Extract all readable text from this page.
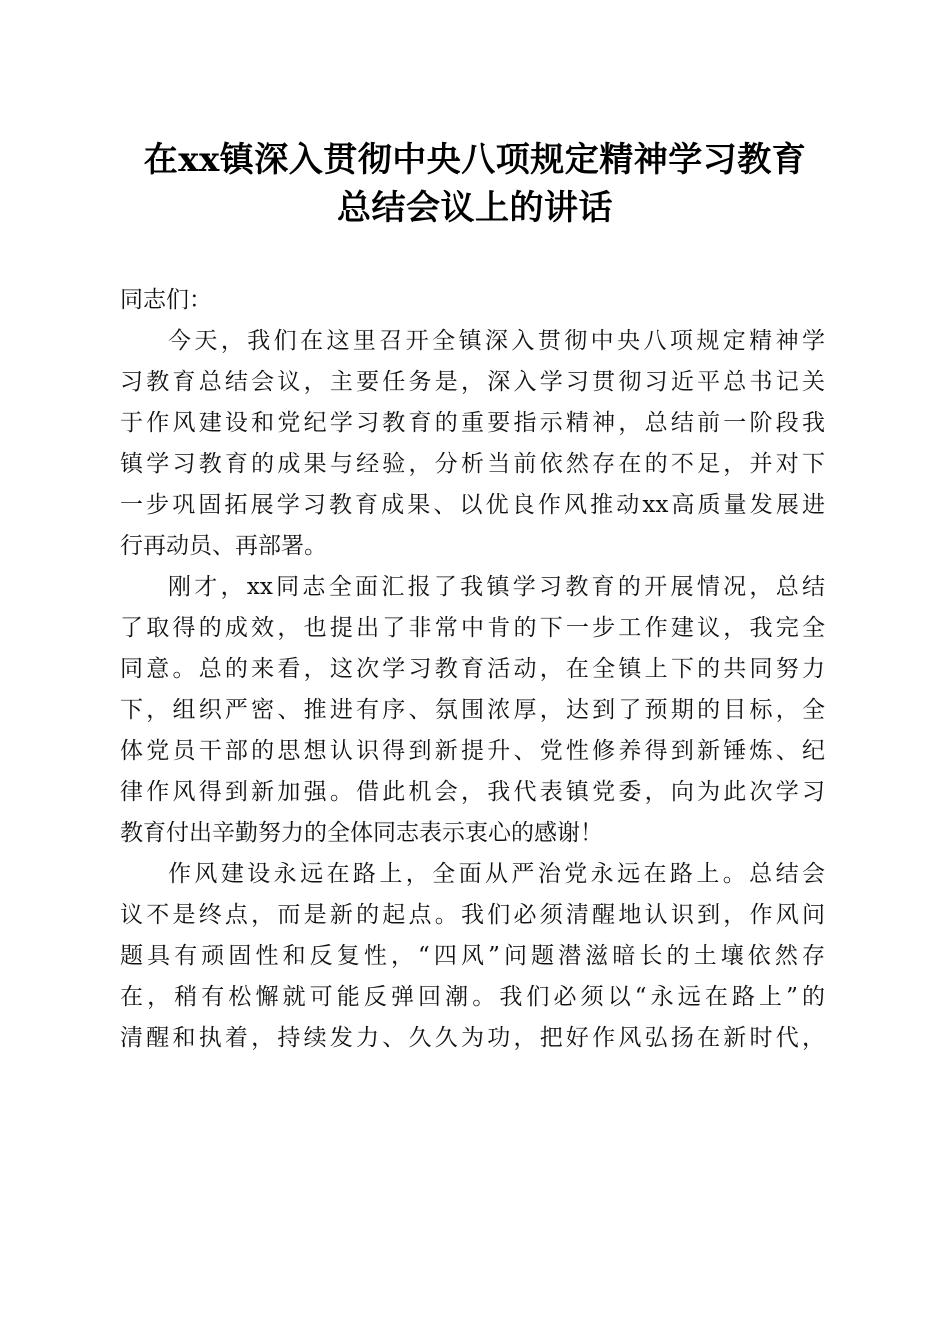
在xx镇深入贯彻中央八项规定精神学习教育
总结会议上的讲话
同志们：
今天，我们在这里召开全镇深入贯彻中央八项规定精神学
习教育总结会议，主要任务是，深入学习贯彻习近平总书记关
于作风建设和党纪学习教育的重要指示精神，总结前一阶段我
镇学习教育的成果与经验，分析当前依然存在的不足，并对下
一步巩固拓展学习教育成果、以优良作风推动xx高质量发展进
行再动员、再部署。
刚才，xx同志全面汇报了我镇学习教育的开展情况，总结
了取得的成效，也提出了非常中肯的下一步工作建议，我完全
同意。总的来看，这次学习教育活动，在全镇上下的共同努力
下，组织严密、推进有序、氛围浓厚，达到了预期的目标，全
体党员干部的思想认识得到新提升、党性修养得到新锤炼、纪
律作风得到新加强。借此机会，我代表镇党委，向为此次学习
教育付出辛勤努力的全体同志表示衷心的感谢！
作风建设永远在路上，全面从严治党永远在路上。总结会
议不是终点，而是新的起点。我们必须清醒地认识到，作风问
题具有顽固性和反复性，“四风”问题潜滋暗长的土壤依然存
在，稍有松懈就可能反弹回潮。我们必须以“永远在路上”的
清醒和执着，持续发力、久久为功，把好作风弘扬在新时代，
